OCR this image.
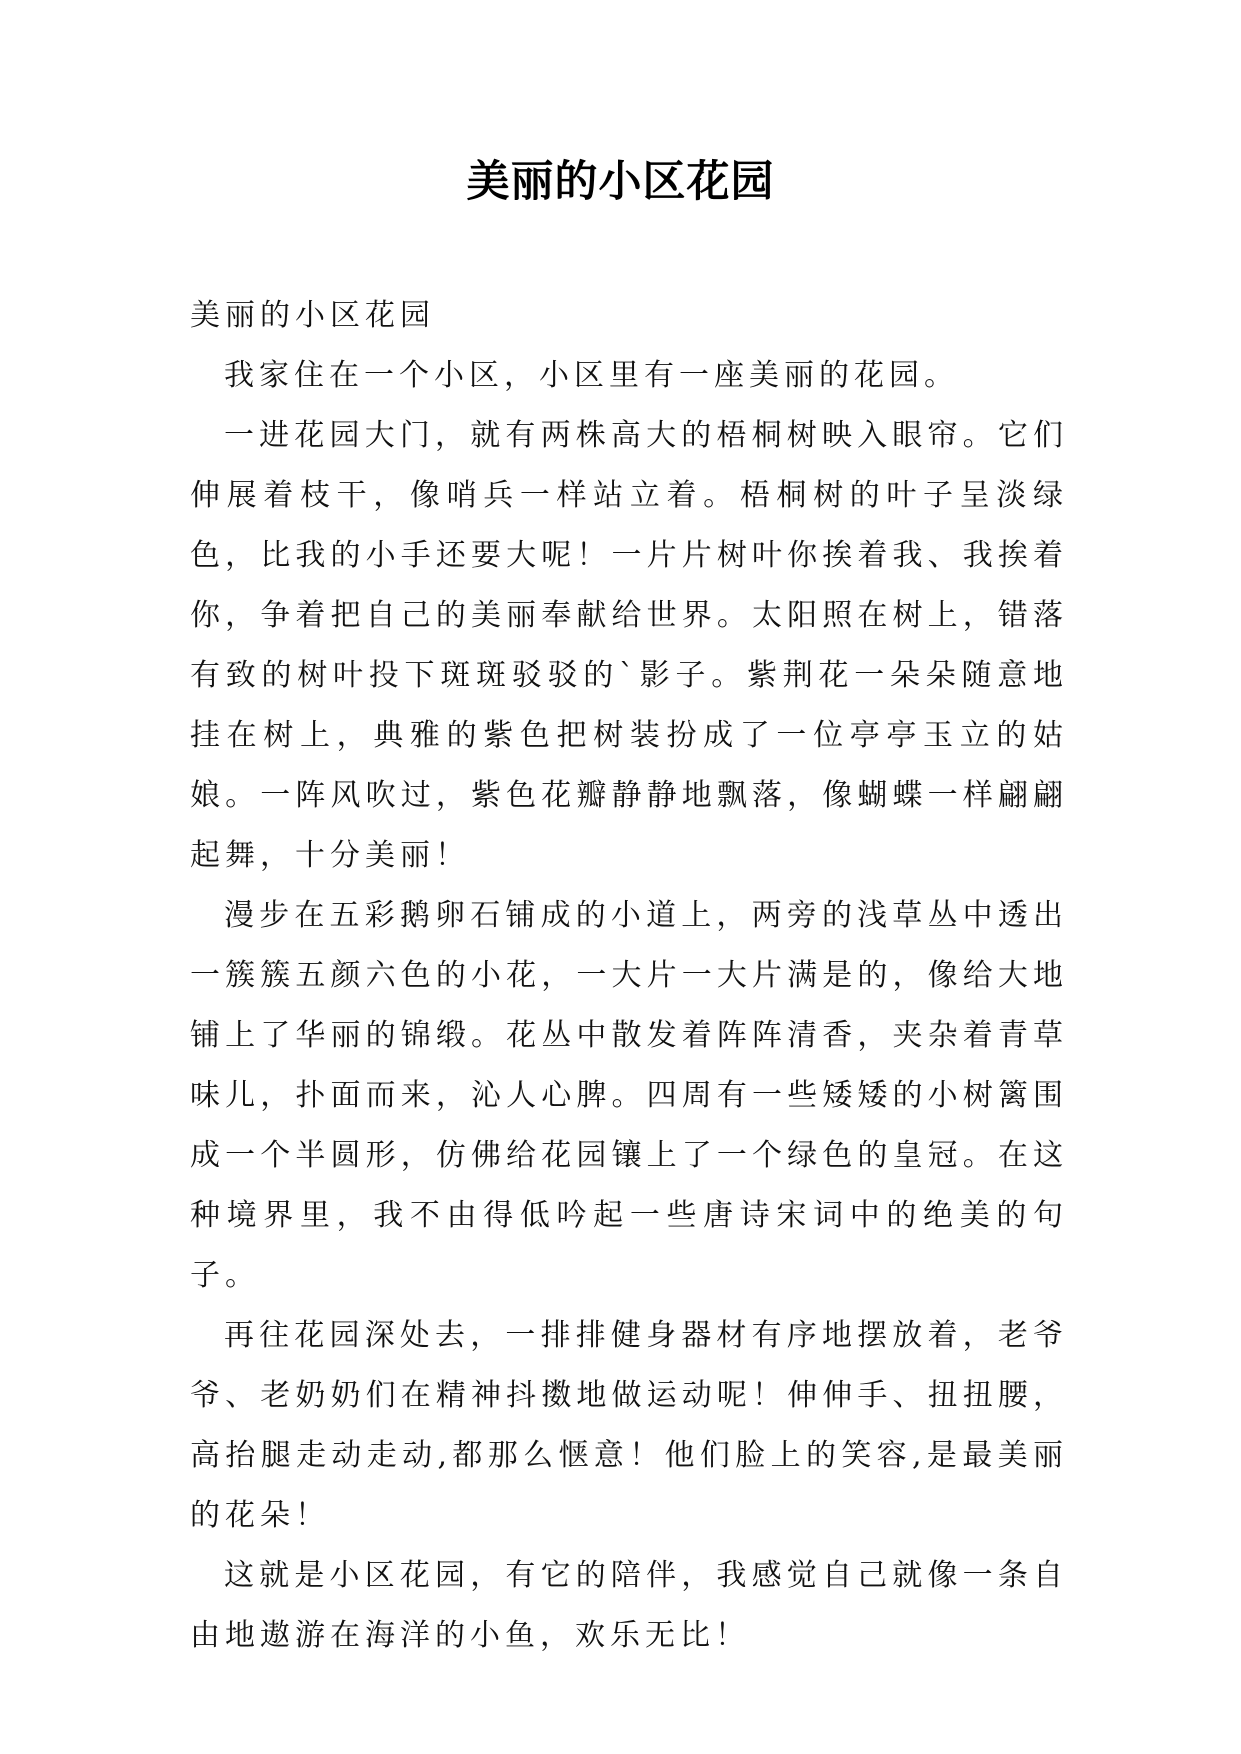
美丽的小区花园

美丽的小区花园

我家住在一个小区，小区里有一座美丽的花园。

一进花园大门，就有两株高大的梧桐树映入眼帘。它们伸展着枝干，像哨兵一样站立着。梧桐树的叶子呈淡绿色，比我的小手还要大呢！一片片树叶你挨着我、我挨着你，争着把自己的美丽奉献给世界。太阳照在树上，错落有致的树叶投下斑斑驳驳的`影子。紫荆花一朵朵随意地挂在树上，典雅的紫色把树装扮成了一位亭亭玉立的姑娘。一阵风吹过，紫色花瓣静静地飘落，像蝴蝶一样翩翩起舞，十分美丽！

漫步在五彩鹅卵石铺成的小道上，两旁的浅草丛中透出一簇簇五颜六色的小花，一大片一大片满是的，像给大地铺上了华丽的锦缎。花丛中散发着阵阵清香，夹杂着青草味儿，扑面而来，沁人心脾。四周有一些矮矮的小树篱围成一个半圆形，仿佛给花园镶上了一个绿色的皇冠。在这种境界里，我不由得低吟起一些唐诗宋词中的绝美的句子。

再往花园深处去，一排排健身器材有序地摆放着，老爷爷、老奶奶们在精神抖擞地做运动呢！伸伸手、扭扭腰，高抬腿走动走动,都那么惬意！他们脸上的笑容,是最美丽的花朵！

这就是小区花园，有它的陪伴，我感觉自己就像一条自由地遨游在海洋的小鱼，欢乐无比！
